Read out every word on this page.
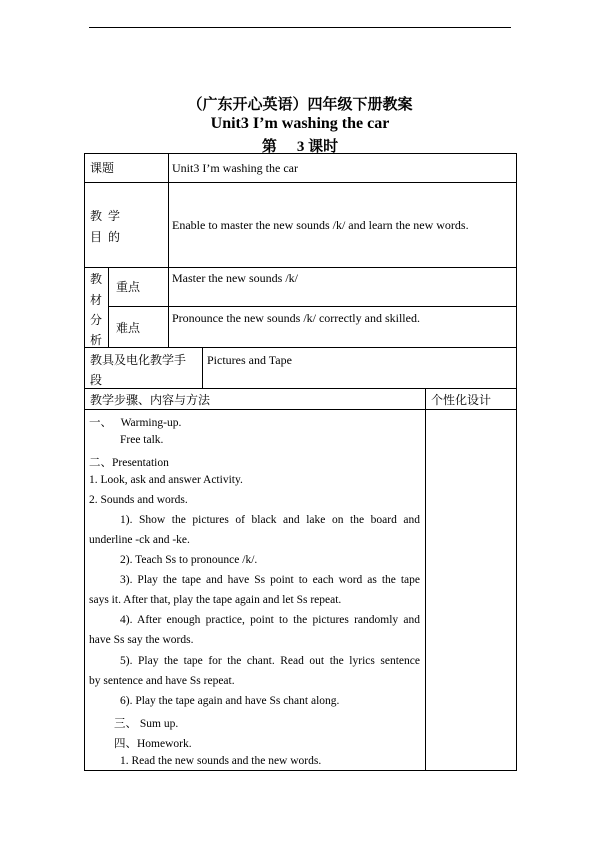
（广东开心英语）四年级下册教案
Unit3 I’m washing the car
第 3 课时
课题	Unit3 I’m washing the car
教  学
目  的
Enable to master the new sounds /k/ and learn the new words.
教
材
分
析
重点
Master the new sounds /k/
难点
Pronounce the new sounds /k/ correctly and skilled.
教具及电化教学手
段
Pictures and Tape
教学步骤、内容与方法	个性化设计
一、   Warming-up.
Free talk.
二、Presentation
1. Look, ask and answer Activity.
2. Sounds and words.
1). Show the pictures of black and lake on the board and
underline -ck and -ke.
2). Teach Ss to pronounce /k/.
3). Play the tape and have Ss point to each word as the tape
says it. After that, play the tape again and let Ss repeat.
4). After enough practice, point to the pictures randomly and
have Ss say the words.
5). Play the tape for the chant. Read out the lyrics sentence
by sentence and have Ss repeat.
6). Play the tape again and have Ss chant along.
三、 Sum up.
四、Homework.
1. Read the new sounds and the new words.
